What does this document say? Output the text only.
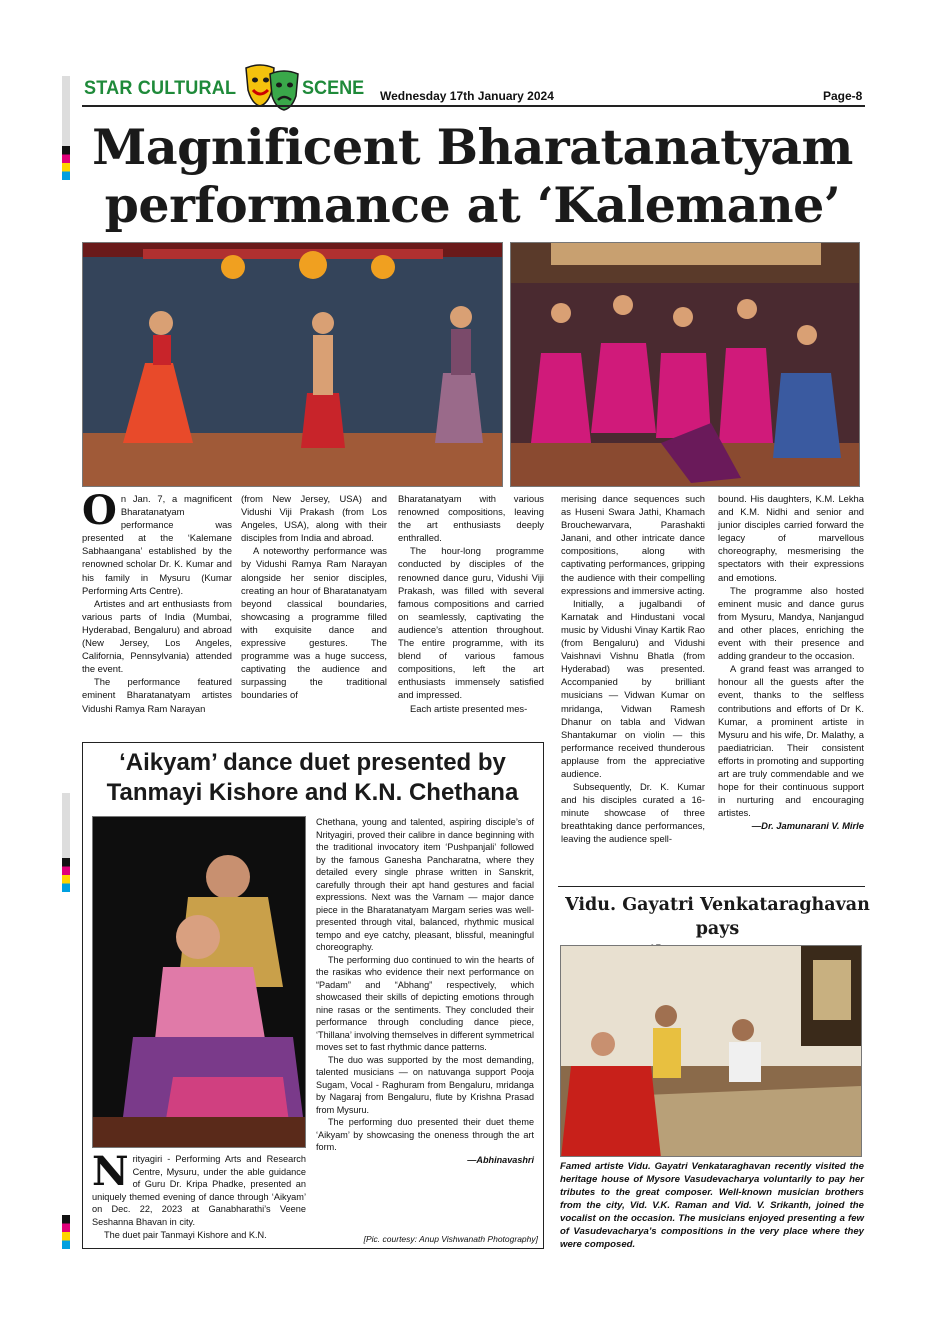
STAR CULTURAL	SCENE Wednesday 17th January 2024	Page-8
Magnificent Bharatanatyam
performance at ‘Kalemane’

On Jan. 7, a magnificent Bharatanatyam performance was presented at the ‘Kalemane Sabhaangana’ established by the renowned scholar Dr. K. Kumar and his family in Mysuru (Kumar Performing Arts Centre).

Artistes and art enthusiasts from various parts of India (Mumbai, Hyderabad, Bengaluru) and abroad (New Jersey, Los Angeles, California, Pennsylvania) attended the event.

The performance featured eminent Bharatanatyam artistes Vidushi Ramya Ram Narayan

(from New Jersey, USA) and Vidushi Viji Prakash (from Los Angeles, USA), along with their disciples from India and abroad.

A noteworthy performance was by Vidushi Ramya Ram Narayan alongside her senior disciples, creating an hour of Bharatanatyam beyond classical boundaries, showcasing a programme filled with exquisite dance and expressive gestures. The programme was a huge success, captivating the audience and surpassing the traditional boundaries of

Bharatanatyam with various renowned compositions, leaving the art enthusiasts deeply enthralled.

The hour-long programme conducted by disciples of the renowned dance guru, Vidushi Viji Prakash, was filled with several famous compositions and carried on seamlessly, captivating the audience’s attention throughout. The entire programme, with its blend of various famous compositions, left the art enthusiasts immensely satisfied and impressed.

Each artiste presented mes-

merising dance sequences such as Huseni Swara Jathi, Khamach Brouchewarvara, Parashakti Janani, and other intricate dance compositions, along with captivating performances, gripping the audience with their compelling expressions and immersive acting.

Initially, a jugalbandi of Karnatak and Hindustani vocal music by Vidushi Vinay Kartik Rao (from Bengaluru) and Vidushi Vaishnavi Vishnu Bhatla (from Hyderabad) was presented. Accompanied by brilliant musicians — Vidwan Kumar on mridanga, Vidwan Ramesh Dhanur on tabla and Vidwan Shantakumar on violin — this performance received thunderous applause from the appreciative audience.

Subsequently, Dr. K. Kumar and his disciples curated a 16-minute showcase of three breathtaking dance performances, leaving the audience spell-

bound. His daughters, K.M. Lekha and K.M. Nidhi and senior and junior disciples carried forward the legacy of marvellous choreography, mesmerising the spectators with their expressions and emotions.

The programme also hosted eminent music and dance gurus from Mysuru, Mandya, Nanjangud and other places, enriching the event with their presence and adding grandeur to the occasion.

A grand feast was arranged to honour all the guests after the event, thanks to the selfless contributions and efforts of Dr K. Kumar, a prominent artiste in Mysuru and his wife, Dr. Malathy, a paediatrician. Their consistent efforts in promoting and supporting art are truly commendable and we hope for their continuous support in nurturing and encouraging artistes.

—Dr. Jamunarani V. Mirle

‘Aikyam’ dance duet presented by
Tanmayi Kishore and K.N. Chethana

Nrityagiri - Performing Arts and Research Centre, Mysuru, under the able guidance of Guru Dr. Kripa Phadke, presented an uniquely themed evening of dance through ‘Aikyam’ on Dec. 22, 2023 at Ganabharathi’s Veene Seshanna Bhavan in city.

The duet pair Tanmayi Kishore and K.N.

Chethana, young and talented, aspiring disciple’s of Nrityagiri, proved their calibre in dance beginning with the traditional invocatory item ‘Pushpanjali’ followed by the famous Ganesha Pancharatna, where they detailed every single phrase written in Sanskrit, carefully through their apt hand gestures and facial expressions. Next was the Varnam — major dance piece in the Bharatanatyam Margam series was well-presented through vital, balanced, rhythmic musical tempo and eye catchy, pleasant, blissful, meaningful choreography.

The performing duo continued to win the hearts of the rasikas who evidence their next performance on “Padam” and “Abhang” respectively, which showcased their skills of depicting emotions through nine rasas or the sentiments. They concluded their performance through concluding dance piece, ‘Thillana’ involving themselves in different symmetrical moves set to fast rhythmic dance patterns.

The duo was supported by the most demanding, talented musicians — on natuvanga support Pooja Sugam, Vocal - Raghuram from Bengaluru, mridanga by Nagaraj from Bengaluru, flute by Krishna Prasad from Mysuru.

The performing duo presented their duet theme ‘Aikyam’ by showcasing the oneness through the art form.

—Abhinavashri

[Pic. courtesy: Anup Vishwanath Photography]
Vidu. Gayatri Venkataraghavan pays
Famed artiste Vidu. Gayatri Venkataraghavan recently visited the heritage house of Mysore Vasudevacharya voluntarily to pay her tributes to the great composer. Well-known musician brothers from the city, Vid. V.K. Raman and Vid. V. Srikanth, joined the vocalist on the occasion. The musicians enjoyed presenting a few of Vasudevacharya’s compositions in the very place where they were composed.
